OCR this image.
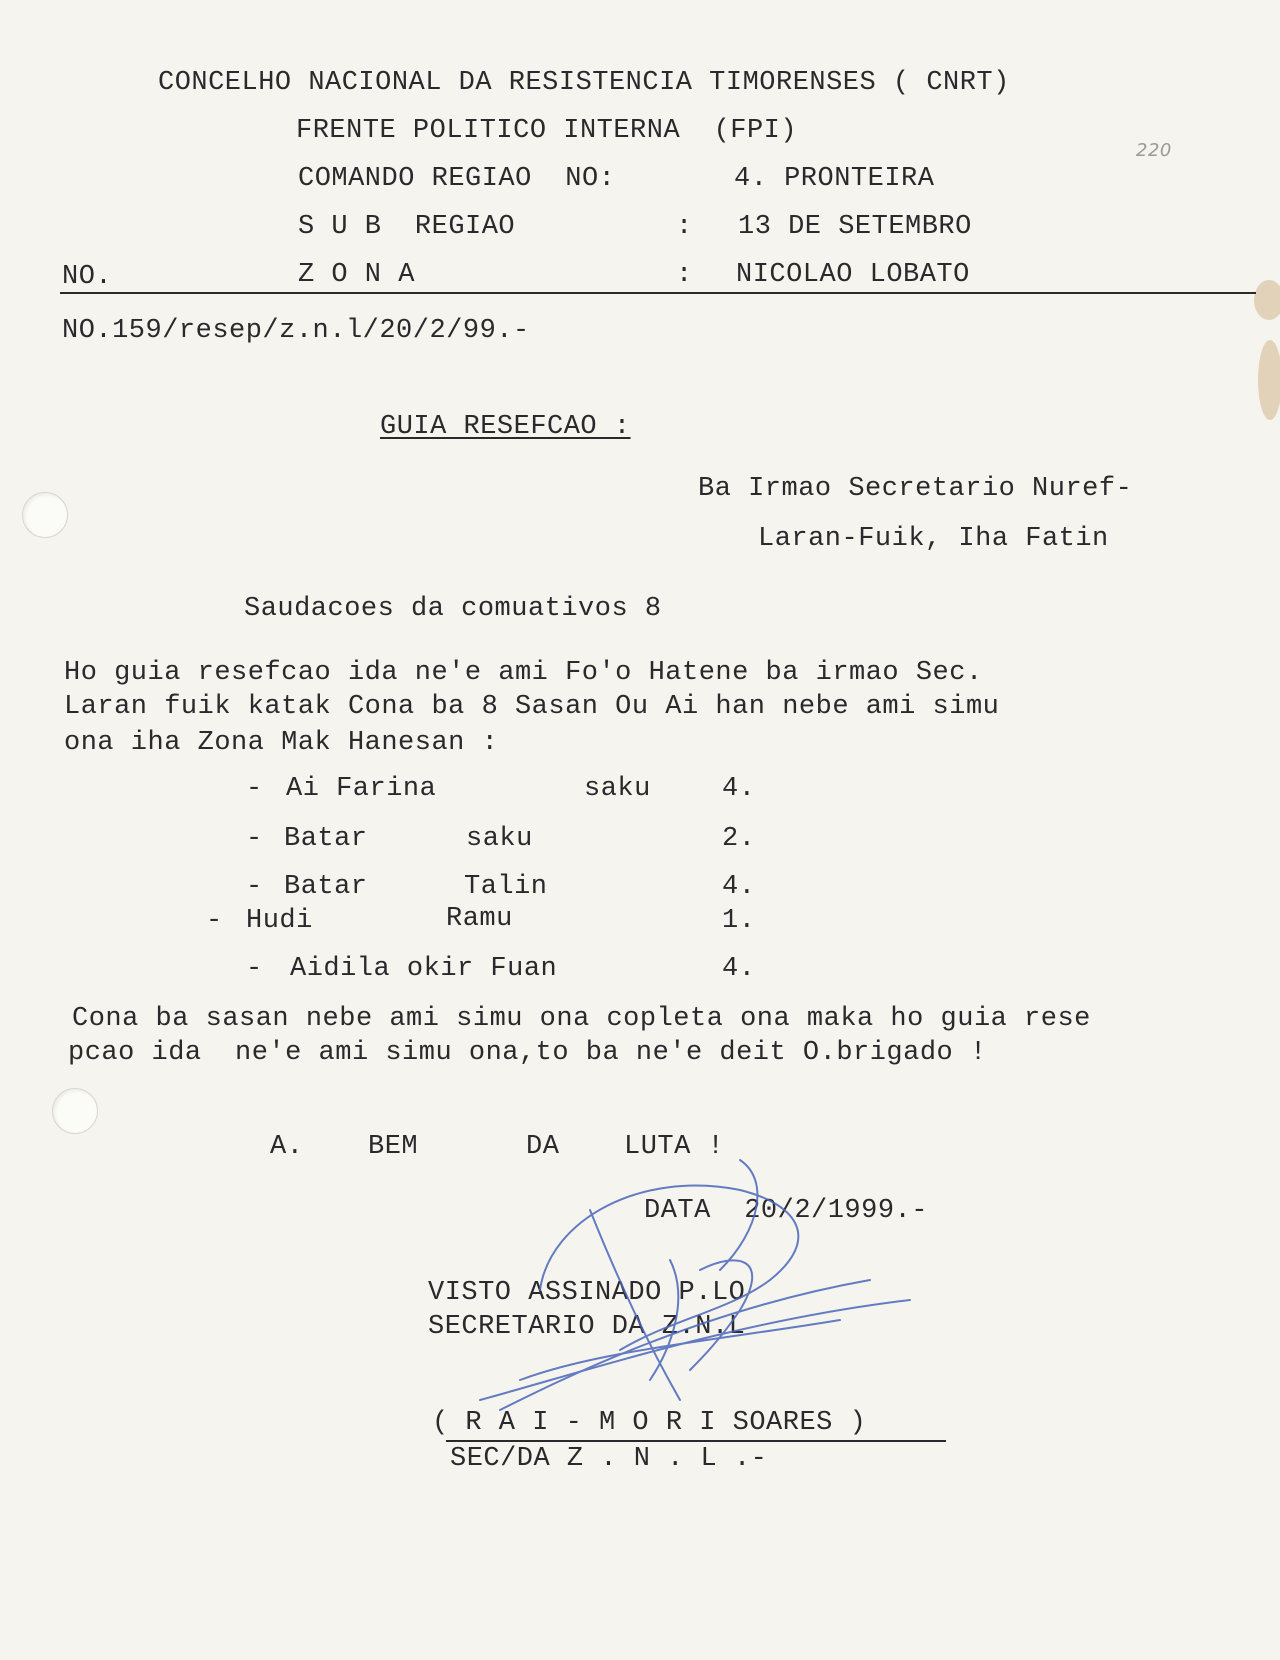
CONCELHO NACIONAL DA RESISTENCIA TIMORENSES ( CNRT)
FRENTE POLITICO INTERNA  (FPI)
220
COMANDO REGIAO  NO:	4. PRONTEIRA
S U B  REGIAO	: 13 DE SETEMBRO
NO.	Z O N A	: NICOLAO LOBATO
NO.159/resep/z.n.l/20/2/99.-
GUIA RESEFCAO :
Ba Irmao Secretario Nuref-
Laran-Fuik, Iha Fatin
Saudacoes da comuativos 8
Ho guia resefcao ida ne'e ami Fo'o Hatene ba irmao Sec.
Laran fuik katak Cona ba 8 Sasan Ou Ai han nebe ami simu
ona iha Zona Mak Hanesan :
- Ai Farina	saku	4.
- Batar	saku	2.
- Batar	Talin	4.
- Hudi	Ramu	1.
- Aidila okir Fuan	4.
Cona ba sasan nebe ami simu ona copleta ona maka ho guia rese
pcao ida  ne'e ami simu ona,to ba ne'e deit O.brigado !
A. BEM	DA LUTA !
DATA  20/2/1999.-
VISTO ASSINADO P.LO
SECRETARIO DA Z.N.L
( R A I - M O R I SOARES )
SEC/DA Z . N . L .-
